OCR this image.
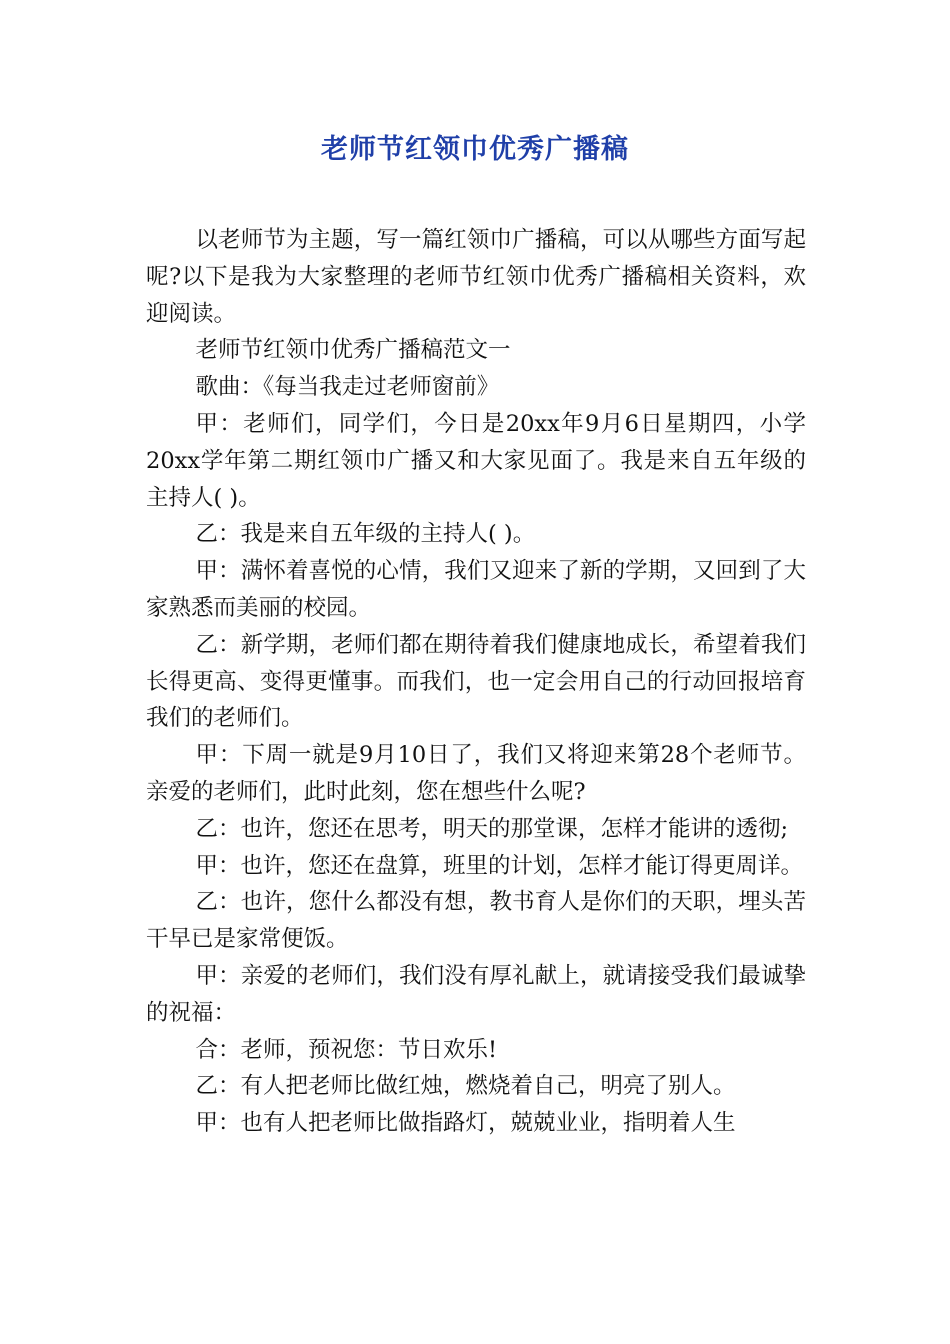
老师节红领巾优秀广播稿

以老师节为主题，写一篇红领巾广播稿，可以从哪些方面写起呢?以下是我为大家整理的老师节红领巾优秀广播稿相关资料，欢迎阅读。

老师节红领巾优秀广播稿范文一

歌曲：《每当我走过老师窗前》

甲：老师们，同学们，今日是20xx年9月6日星期四，小学20xx学年第二期红领巾广播又和大家见面了。我是来自五年级的主持人( )。

乙：我是来自五年级的主持人( )。

甲：满怀着喜悦的心情，我们又迎来了新的学期，又回到了大家熟悉而美丽的校园。

乙：新学期，老师们都在期待着我们健康地成长，希望着我们长得更高、变得更懂事。而我们，也一定会用自己的行动回报培育我们的老师们。

甲：下周一就是9月10日了，我们又将迎来第28个老师节。亲爱的老师们，此时此刻，您在想些什么呢?

乙：也许，您还在思考，明天的那堂课，怎样才能讲的透彻;

甲：也许，您还在盘算，班里的计划，怎样才能订得更周详。

乙：也许，您什么都没有想，教书育人是你们的天职，埋头苦干早已是家常便饭。

甲：亲爱的老师们，我们没有厚礼献上，就请接受我们最诚挚的祝福：

合：老师，预祝您：节日欢乐!

乙：有人把老师比做红烛，燃烧着自己，明亮了别人。

甲：也有人把老师比做指路灯，兢兢业业，指明着人生
